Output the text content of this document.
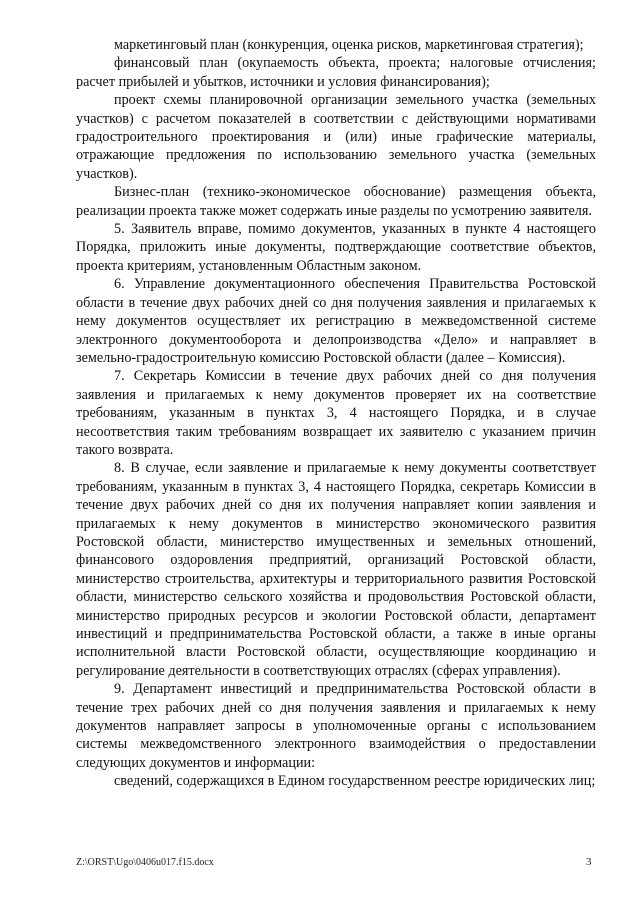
маркетинговый план (конкуренция, оценка рисков, маркетинговая стратегия);

финансовый план (окупаемость объекта, проекта; налоговые отчисления; расчет прибылей и убытков, источники и условия финансирования);

проект схемы планировочной организации земельного участка (земельных участков) с расчетом показателей в соответствии с действующими нормативами градостроительного проектирования и (или) иные графические материалы, отражающие предложения по использованию земельного участка (земельных участков).

Бизнес-план (технико-экономическое обоснование) размещения объекта, реализации проекта также может содержать иные разделы по усмотрению заявителя.

5. Заявитель вправе, помимо документов, указанных в пункте 4 настоящего Порядка, приложить иные документы, подтверждающие соответствие объектов, проекта критериям, установленным Областным законом.

6. Управление документационного обеспечения Правительства Ростовской области в течение двух рабочих дней со дня получения заявления и прилагаемых к нему документов осуществляет их регистрацию в межведомственной системе электронного документооборота и делопроизводства «Дело» и направляет в земельно-градостроительную комиссию Ростовской области (далее – Комиссия).

7. Секретарь Комиссии в течение двух рабочих дней со дня получения заявления и прилагаемых к нему документов проверяет их на соответствие требованиям, указанным в пунктах 3, 4 настоящего Порядка, и в случае несоответствия таким требованиям возвращает их заявителю с указанием причин такого возврата.

8. В случае, если заявление и прилагаемые к нему документы соответствует требованиям, указанным в пунктах 3, 4 настоящего Порядка, секретарь Комиссии в течение двух рабочих дней со дня их получения направляет копии заявления и прилагаемых к нему документов в министерство экономического развития Ростовской области, министерство имущественных и земельных отношений, финансового оздоровления предприятий, организаций Ростовской области, министерство строительства, архитектуры и территориального развития Ростовской области, министерство сельского хозяйства и продовольствия Ростовской области, министерство природных ресурсов и экологии Ростовской области, департамент инвестиций и предпринимательства Ростовской области, а также в иные органы исполнительной власти Ростовской области, осуществляющие координацию и регулирование деятельности в соответствующих отраслях (сферах управления).

9. Департамент инвестиций и предпринимательства Ростовской области в течение трех рабочих дней со дня получения заявления и прилагаемых к нему документов направляет запросы в уполномоченные органы с использованием системы межведомственного электронного взаимодействия о предоставлении следующих документов и информации:

сведений, содержащихся в Едином государственном реестре юридических лиц;

Z:\ORST\Ugo\0406u017.f15.docx	3
